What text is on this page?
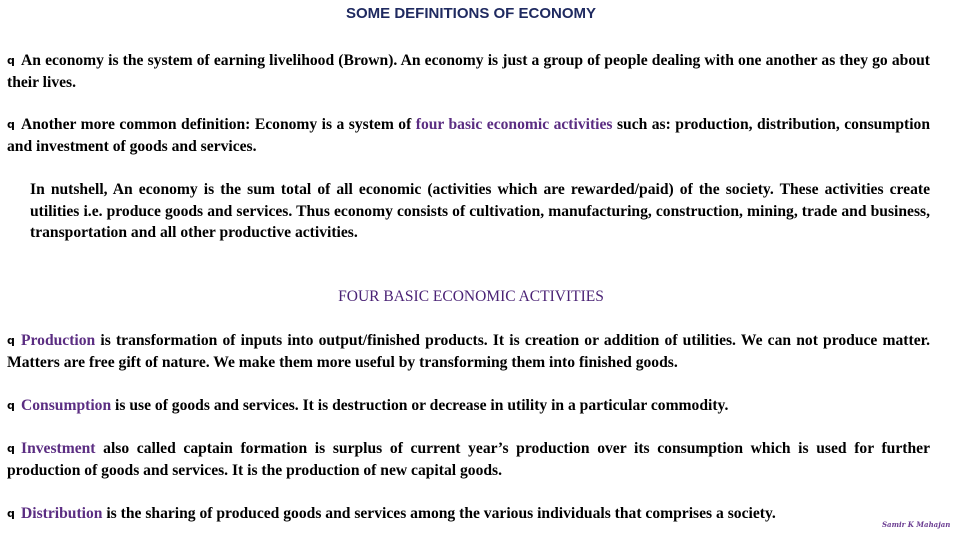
SOME DEFINITIONS OF ECONOMY

q An economy is the system of earning livelihood (Brown). An economy is just a group of people dealing with one another as they go about their lives.

q Another more common definition: Economy is a system of four basic economic activities such as: production, distribution, consumption and investment of goods and services.

In nutshell, An economy is the sum total of all economic (activities which are rewarded/paid) of the society. These activities create utilities i.e. produce goods and services. Thus economy consists of cultivation, manufacturing, construction, mining, trade and business, transportation and all other productive activities.

FOUR BASIC ECONOMIC ACTIVITIES

q Production is transformation of inputs into output/finished products. It is creation or addition of utilities. We can not produce matter. Matters are free gift of nature. We make them more useful by transforming them into finished goods.

q Consumption is use of goods and services. It is destruction or decrease in utility in a particular commodity.

q Investment also called captain formation is surplus of current year’s production over its consumption which is used for further production of goods and services. It is the production of new capital goods.

q Distribution is the sharing of produced goods and services among the various individuals that comprises a society.

Samir K Mahajan
